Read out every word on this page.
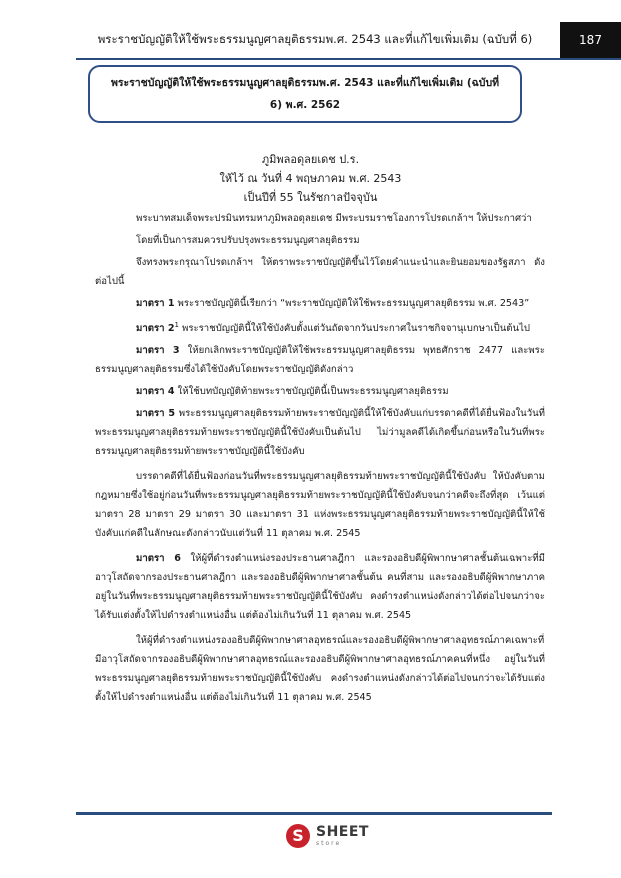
พระราชบัญญัติให้ใช้พระธรรมนูญศาลยุติธรรมพ.ศ. 2543 และที่แก้ไขเพิ่มเติม (ฉบับที่ 6)	187
พระราชบัญญัติให้ใช้พระธรรมนูญศาลยุติธรรมพ.ศ. 2543 และที่แก้ไขเพิ่มเติม (ฉบับที่ 6) พ.ศ. 2562
ภูมิพลอดุลยเดช ป.ร.
ให้ไว้ ณ วันที่ 4 พฤษภาคม พ.ศ. 2543
เป็นปีที่ 55 ในรัชกาลปัจจุบัน

พระบาทสมเด็จพระปรมินทรมหาภูมิพลอดุลยเดช มีพระบรมราชโองการโปรดเกล้าฯ ให้ประกาศว่า

โดยที่เป็นการสมควรปรับปรุงพระธรรมนูญศาลยุติธรรม

จึงทรงพระกรุณาโปรดเกล้าฯ ให้ตราพระราชบัญญัติขึ้นไว้โดยคำแนะนำและยินยอมของรัฐสภา ดังต่อไปนี้

มาตรา 1 พระราชบัญญัตินี้เรียกว่า “พระราชบัญญัติให้ใช้พระธรรมนูญศาลยุติธรรม พ.ศ. 2543”

มาตรา $2^1$ พระราชบัญญัตินี้ให้ใช้บังคับตั้งแต่วันถัดจากวันประกาศในราชกิจจานุเบกษาเป็นต้นไป

มาตรา 3 ให้ยกเลิกพระราชบัญญัติให้ใช้พระธรรมนูญศาลยุติธรรม พุทธศักราช 2477 และพระธรรมนูญศาลยุติธรรมซึ่งได้ใช้บังคับโดยพระราชบัญญัติดังกล่าว

มาตรา 4 ให้ใช้บทบัญญัติท้ายพระราชบัญญัตินี้เป็นพระธรรมนูญศาลยุติธรรม

มาตรา 5 พระธรรมนูญศาลยุติธรรมท้ายพระราชบัญญัตินี้ให้ใช้บังคับแก่บรรดาคดีที่ได้ยื่นฟ้องในวันที่พระธรรมนูญศาลยุติธรรมท้ายพระราชบัญญัตินี้ใช้บังคับเป็นต้นไป ไม่ว่ามูลคดีได้เกิดขึ้นก่อนหรือในวันที่พระธรรมนูญศาลยุติธรรมท้ายพระราชบัญญัตินี้ใช้บังคับ

บรรดาคดีที่ได้ยื่นฟ้องก่อนวันที่พระธรรมนูญศาลยุติธรรมท้ายพระราชบัญญัตินี้ใช้บังคับ ให้บังคับตามกฎหมายซึ่งใช้อยู่ก่อนวันที่พระธรรมนูญศาลยุติธรรมท้ายพระราชบัญญัตินี้ใช้บังคับจนกว่าคดีจะถึงที่สุด เว้นแต่มาตรา 28 มาตรา 29 มาตรา 30 และมาตรา 31 แห่งพระธรรมนูญศาลยุติธรรมท้ายพระราชบัญญัตินี้ให้ใช้บังคับแก่คดีในลักษณะดังกล่าวนับแต่วันที่ 11 ตุลาคม พ.ศ. 2545

มาตรา 6 ให้ผู้ที่ดำรงตำแหน่งรองประธานศาลฎีกา และรองอธิบดีผู้พิพากษาศาลชั้นต้นเฉพาะที่มีอาวุโสถัดจากรองประธานศาลฎีกา และรองอธิบดีผู้พิพากษาศาลชั้นต้น คนที่สาม และรองอธิบดีผู้พิพากษาภาคอยู่ในวันที่พระธรรมนูญศาลยุติธรรมท้ายพระราชบัญญัตินี้ใช้บังคับ คงดำรงตำแหน่งดังกล่าวได้ต่อไปจนกว่าจะได้รับแต่งตั้งให้ไปดำรงตำแหน่งอื่น แต่ต้องไม่เกินวันที่ 11 ตุลาคม พ.ศ. 2545

ให้ผู้ที่ดำรงตำแหน่งรองอธิบดีผู้พิพากษาศาลอุทธรณ์และรองอธิบดีผู้พิพากษาศาลอุทธรณ์ภาคเฉพาะที่มีอาวุโสถัดจากรองอธิบดีผู้พิพากษาศาลอุทธรณ์และรองอธิบดีผู้พิพากษาศาลอุทธรณ์ภาคคนที่หนึ่ง อยู่ในวันที่พระธรรมนูญศาลยุติธรรมท้ายพระราชบัญญัตินี้ใช้บังคับ คงดำรงตำแหน่งดังกล่าวได้ต่อไปจนกว่าจะได้รับแต่งตั้งให้ไปดำรงตำแหน่งอื่น แต่ต้องไม่เกินวันที่ 11 ตุลาคม พ.ศ. 2545

S SHEET
store
